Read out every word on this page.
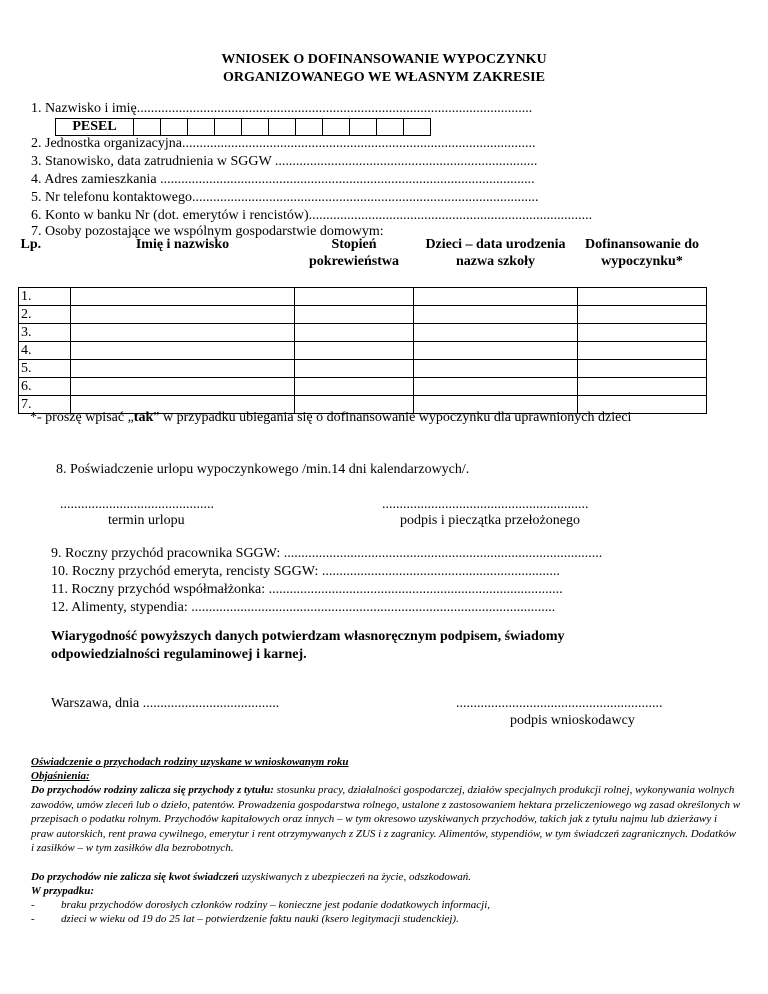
WNIOSEK O DOFINANSOWANIE WYPOCZYNKU
ORGANIZOWANEGO WE WŁASNYM ZAKRESIE
1. Nazwisko i imię.................................................................................................................
PESEL											
2. Jednostka organizacyjna.....................................................................................................
3. Stanowisko, data zatrudnienia w SGGW ...........................................................................
4. Adres zamieszkania ...........................................................................................................
5. Nr telefonu kontaktowego...................................................................................................
6. Konto w banku Nr (dot. emerytów i rencistów).................................................................................
7. Osoby pozostające we wspólnym gospodarstwie domowym:
Lp.	Imię i nazwisko	Stopień pokrewieństwa	Dzieci – data urodzenia nazwa szkoły	Dofinansowanie do wypoczynku*

1.				
2.				
3.				
4.				
5.				
6.				
7.				
*- proszę wpisać „tak” w przypadku ubiegania się o dofinansowanie wypoczynku dla uprawnionych dzieci
8. Poświadczenie urlopu wypoczynkowego /min.14 dni kalendarzowych/.
............................................
termin urlopu
...........................................................
podpis i pieczątka przełożonego
9. Roczny przychód pracownika SGGW: ...........................................................................................
10. Roczny przychód emeryta, rencisty SGGW: ....................................................................
11. Roczny przychód współmałżonka: ....................................................................................
12. Alimenty, stypendia: ........................................................................................................
Wiarygodność powyższych danych potwierdzam własnoręcznym podpisem, świadomy
odpowiedzialności regulaminowej i karnej.
Warszawa, dnia .......................................	...........................................................
podpis wnioskodawcy
Oświadczenie o przychodach rodziny uzyskane w wnioskowanym roku
Objaśnienia:
Do przychodów rodziny zalicza się przychody z tytułu: stosunku pracy, działalności gospodarczej, działów specjalnych produkcji rolnej, wykonywania wolnych zawodów, umów zleceń lub o dzieło, patentów. Prowadzenia gospodarstwa rolnego, ustalone z zastosowaniem hektara przeliczeniowego wg zasad określonych w przepisach o podatku rolnym. Przychodów kapitałowych oraz innych – w tym okresowo uzyskiwanych przychodów, takich jak z tytułu najmu lub dzierżawy i praw autorskich, rent prawa cywilnego, emerytur i rent otrzymywanych z ZUS i z zagranicy. Alimentów, stypendiów, w tym świadczeń zagranicznych. Dodatków i zasiłków – w tym zasiłków dla bezrobotnych.
Do przychodów nie zalicza się kwot świadczeń uzyskiwanych z ubezpieczeń na życie, odszkodowań.
W przypadku:
- braku przychodów dorosłych członków rodziny – konieczne jest podanie dodatkowych informacji,
- dzieci w wieku od 19 do 25 lat – potwierdzenie faktu nauki (ksero legitymacji studenckiej).
